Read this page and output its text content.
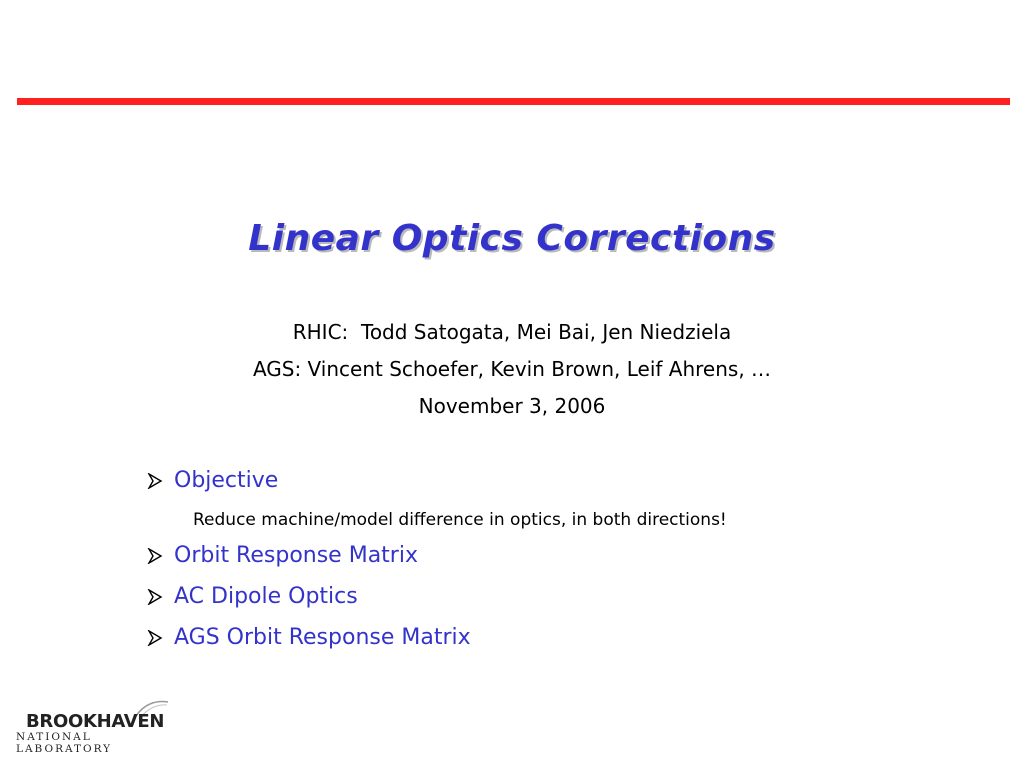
Linear Optics Corrections
RHIC:  Todd Satogata, Mei Bai, Jen Niedziela
AGS: Vincent Schoefer, Kevin Brown, Leif Ahrens, …
November 3, 2006
Objective
Reduce machine/model difference in optics, in both directions!
Orbit Response Matrix
AC Dipole Optics
AGS Orbit Response Matrix
BROOKHAVEN
NATIONAL LABORATORY
